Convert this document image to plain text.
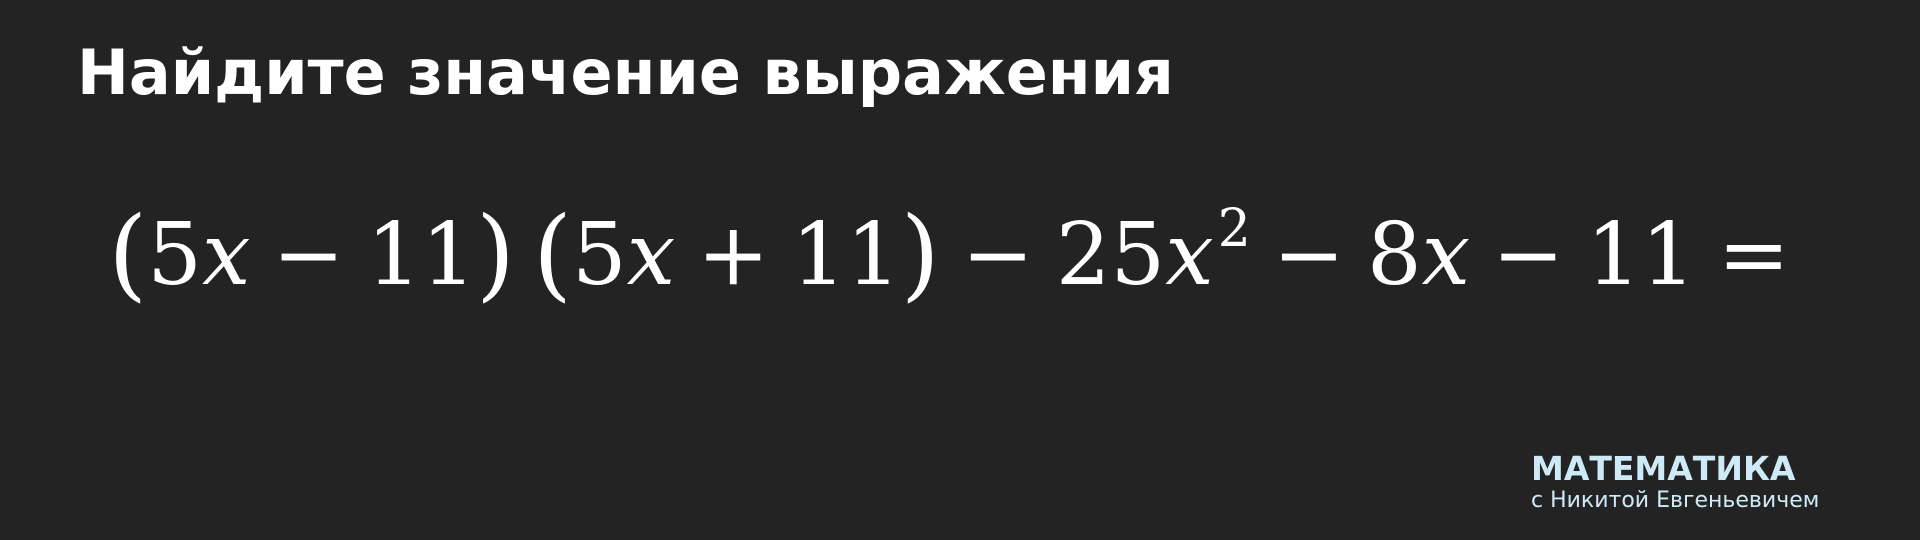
Найдите значение выражения
(5x − 11) $(5x + 11) - 25x^2 - 8x - 11$ =
МАТЕМАТИКА
с Никитой Евгеньевичем
